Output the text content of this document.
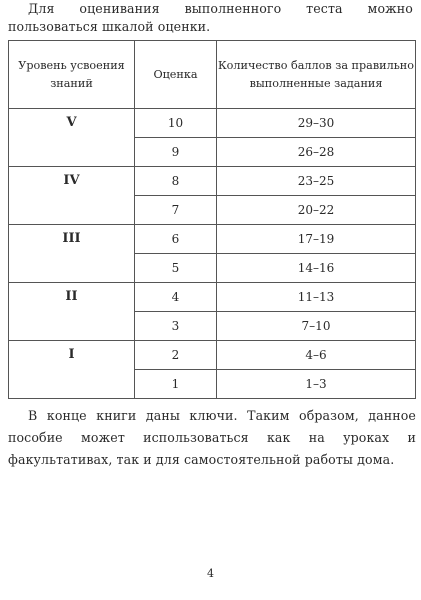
Для оценивания выполненного теста можно пользоваться шкалой оценки.

Уровень усвоения знаний	Оценка	Количество баллов за правильно выполненные задания
V	10	29–30
	9	26–28
IV	8	23–25
	7	20–22
III	6	17–19
	5	14–16
II	4	11–13
	3	7–10
I	2	4–6
	1	1–3

В конце книги даны ключи. Таким образом, данное пособие может использоваться как на уроках и факультативах, так и для самостоятельной работы дома.

4
